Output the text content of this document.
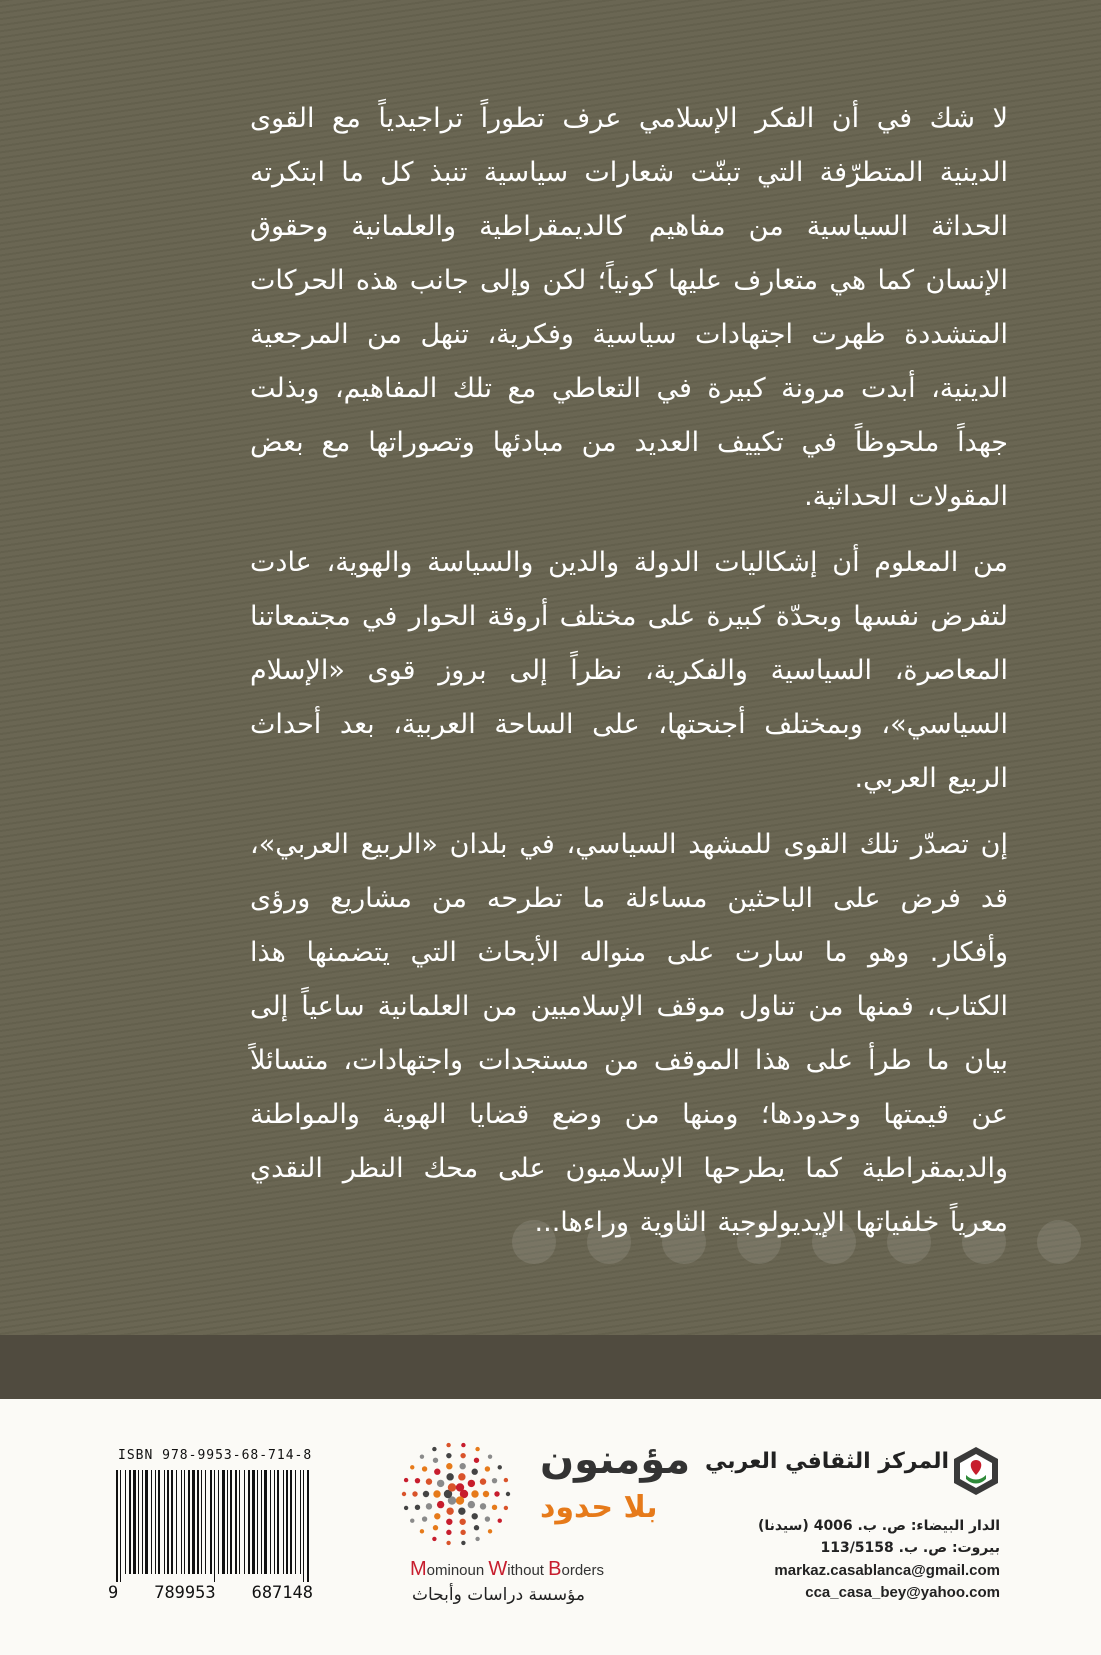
لا شك في أن الفكر الإسلامي عرف تطوراً تراجيدياً مع القوى الدينية المتطرّفة التي تبنّت شعارات سياسية تنبذ كل ما ابتكرته الحداثة السياسية من مفاهيم كالديمقراطية والعلمانية وحقوق الإنسان كما هي متعارف عليها كونياً؛ لكن وإلى جانب هذه الحركات المتشددة ظهرت اجتهادات سياسية وفكرية، تنهل من المرجعية الدينية، أبدت مرونة كبيرة في التعاطي مع تلك المفاهيم، وبذلت جهداً ملحوظاً في تكييف العديد من مبادئها وتصوراتها مع بعض المقولات الحداثية.

من المعلوم أن إشكاليات الدولة والدين والسياسة والهوية، عادت لتفرض نفسها وبحدّة كبيرة على مختلف أروقة الحوار في مجتمعاتنا المعاصرة، السياسية والفكرية، نظراً إلى بروز قوى «الإسلام السياسي»، وبمختلف أجنحتها، على الساحة العربية، بعد أحداث الربيع العربي.

إن تصدّر تلك القوى للمشهد السياسي، في بلدان «الربيع العربي»، قد فرض على الباحثين مساءلة ما تطرحه من مشاريع ورؤى وأفكار. وهو ما سارت على منواله الأبحاث التي يتضمنها هذا الكتاب، فمنها من تناول موقف الإسلاميين من العلمانية ساعياً إلى بيان ما طرأ على هذا الموقف من مستجدات واجتهادات، متسائلاً عن قيمتها وحدودها؛ ومنها من وضع قضايا الهوية والمواطنة والديمقراطية كما يطرحها الإسلاميون على محك النظر النقدي معرياً خلفياتها الإيديولوجية الثاوية وراءها...

ISBN 978-9953-68-714-8
9 789953 687148
مؤمنون
بلا حدود
Mominoun Without Borders
مؤسسة دراسات وأبحاث
المركز الثقافي العربي
الدار البيضاء: ص. ب. 4006 (سيدنا)
بيروت: ص. ب. 113/5158
markaz.casablanca@gmail.com
cca_casa_bey@yahoo.com
